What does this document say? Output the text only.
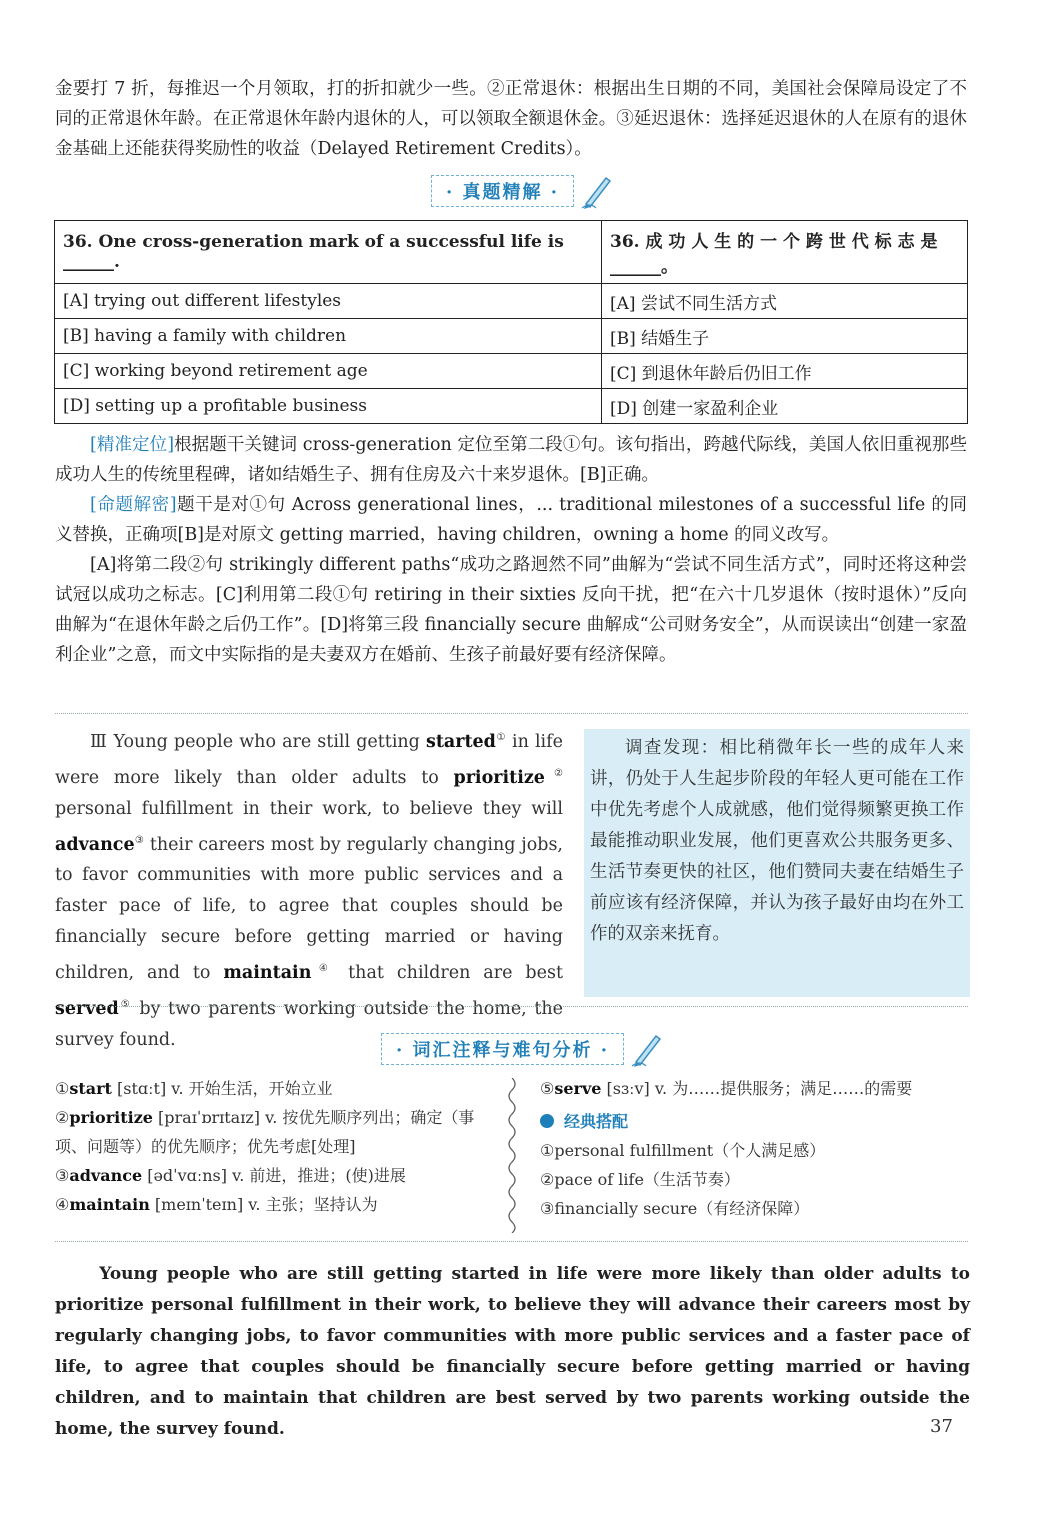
金要打 7 折，每推迟一个月领取，打的折扣就少一些。②正常退休：根据出生日期的不同，美国社会保障局设定了不同的正常退休年龄。在正常退休年龄内退休的人，可以领取全额退休金。③延迟退休：选择延迟退休的人在原有的退休金基础上还能获得奖励性的收益（Delayed Retirement Credits）。

· 真题精解 ·
36. One cross-generation mark of a successful life is ______.	36. 成 功 人 生 的 一 个 跨 世 代 标 志 是______。
[A] trying out different lifestyles	[A] 尝试不同生活方式
[B] having a family with children	[B] 结婚生子
[C] working beyond retirement age	[C] 到退休年龄后仍旧工作
[D] setting up a profitable business	[D] 创建一家盈利企业

[精准定位]根据题干关键词 cross-generation 定位至第二段①句。该句指出，跨越代际线，美国人依旧重视那些成功人生的传统里程碑，诸如结婚生子、拥有住房及六十来岁退休。[B]正确。

[命题解密]题干是对①句 Across generational lines，... traditional milestones of a successful life 的同义替换，正确项[B]是对原文 getting married，having children，owning a home 的同义改写。

[A]将第二段②句 strikingly different paths“成功之路迥然不同”曲解为“尝试不同生活方式”，同时还将这种尝试冠以成功之标志。[C]利用第二段①句 retiring in their sixties 反向干扰，把“在六十几岁退休（按时退休）”反向曲解为“在退休年龄之后仍工作”。[D]将第三段 financially secure 曲解成“公司财务安全”，从而误读出“创建一家盈利企业”之意，而文中实际指的是夫妻双方在婚前、生孩子前最好要有经济保障。

Ⅲ Young people who are still getting started① in life were more likely than older adults to prioritize② personal fulfillment in their work, to believe they will advance③ their careers most by regularly changing jobs, to favor communities with more public services and a faster pace of life, to agree that couples should be financially secure before getting married or having children, and to maintain④ that children are best served⑤ by two parents working outside the home, the survey found.
调查发现：相比稍微年长一些的成年人来讲，仍处于人生起步阶段的年轻人更可能在工作中优先考虑个人成就感，他们觉得频繁更换工作最能推动职业发展，他们更喜欢公共服务更多、生活节奏更快的社区，他们赞同夫妻在结婚生子前应该有经济保障，并认为孩子最好由均在外工作的双亲来抚育。
· 词汇注释与难句分析 ·
①start [stɑːt] v. 开始生活，开始立业
②prioritize [praɪˈɒrɪtaɪz] v. 按优先顺序列出；确定（事项、问题等）的优先顺序；优先考虑[处理]
③advance [ədˈvɑːns] v. 前进，推进；(使)进展
④maintain [meɪnˈteɪn] v. 主张；坚持认为
⑤serve [sɜːv] v. 为……提供服务；满足……的需要
经典搭配
①personal fulfillment（个人满足感）
②pace of life（生活节奏）
③financially secure（有经济保障）

Young people who are still getting started in life were more likely than older adults to prioritize personal fulfillment in their work, to believe they will advance their careers most by regularly changing jobs, to favor communities with more public services and a faster pace of life, to agree that couples should be financially secure before getting married or having children, and to maintain that children are best served by two parents working outside the home, the survey found.	37
